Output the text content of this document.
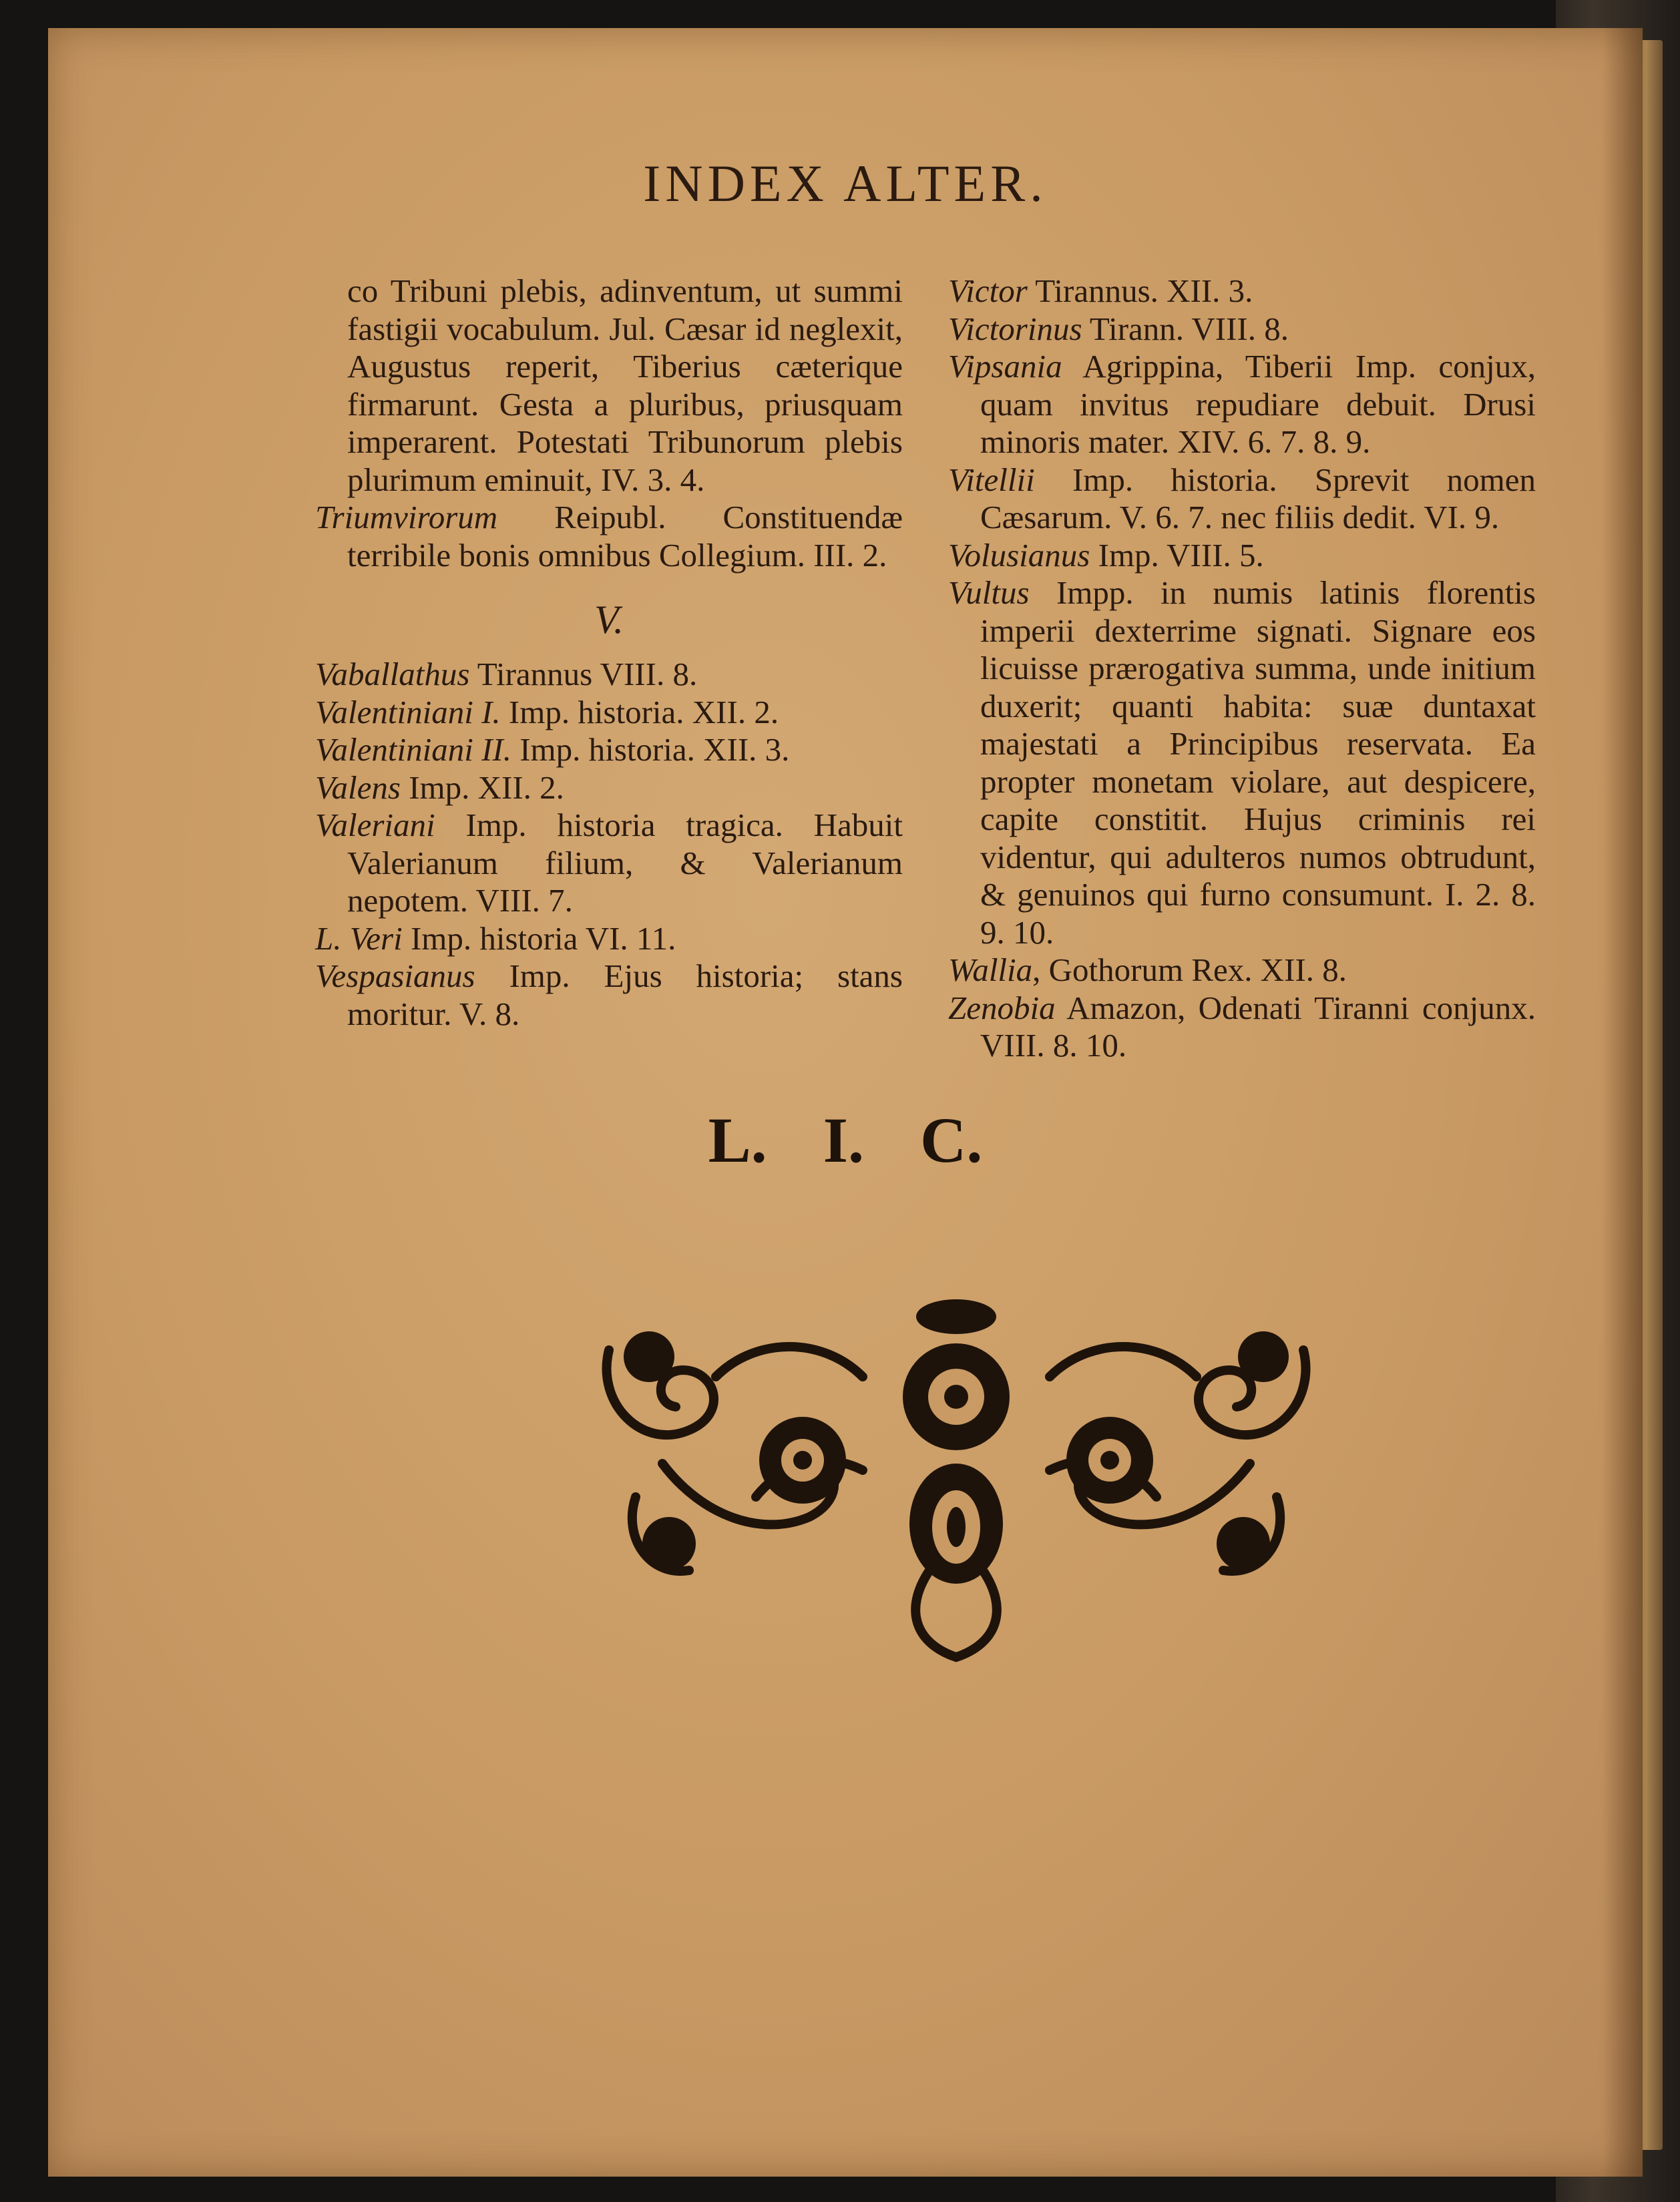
INDEX ALTER.

co Tribuni plebis, adinventum, ut summi fastigii vocabulum. Jul. Cæsar id neglexit, Augustus reperit, Tiberius cæterique firmarunt. Gesta a pluribus, priusquam imperarent. Potestati Tribunorum plebis plurimum eminuit, IV. 3. 4.

Triumvirorum Reipubl. Constituendæ terribile bonis omnibus Collegium. III. 2.

V.

Vaballathus Tirannus VIII. 8.

Valentiniani I. Imp. historia. XII. 2.

Valentiniani II. Imp. historia. XII. 3.

Valens Imp. XII. 2.

Valeriani Imp. historia tragica. Habuit Valerianum filium, & Valerianum nepotem. VIII. 7.

L. Veri Imp. historia VI. 11.

Vespasianus Imp. Ejus historia; stans moritur. V. 8.

Victor Tirannus. XII. 3.

Victorinus Tirann. VIII. 8.

Vipsania Agrippina, Tiberii Imp. conjux, quam invitus repudiare debuit. Drusi minoris mater. XIV. 6. 7. 8. 9.

Vitellii Imp. historia. Sprevit nomen Cæsarum. V. 6. 7. nec filiis dedit. VI. 9.

Volusianus Imp. VIII. 5.

Vultus Impp. in numis latinis florentis imperii dexterrime signati. Signare eos licuisse prærogativa summa, unde initium duxerit; quanti habita: suæ duntaxat majestati a Principibus reservata. Ea propter monetam violare, aut despicere, capite constitit. Hujus criminis rei videntur, qui adulteros numos obtrudunt, & genuinos qui furno consumunt. I. 2. 8. 9. 10.

Wallia, Gothorum Rex. XII. 8.

Zenobia Amazon, Odenati Tiranni conjunx. VIII. 8. 10.

L. I. C.
